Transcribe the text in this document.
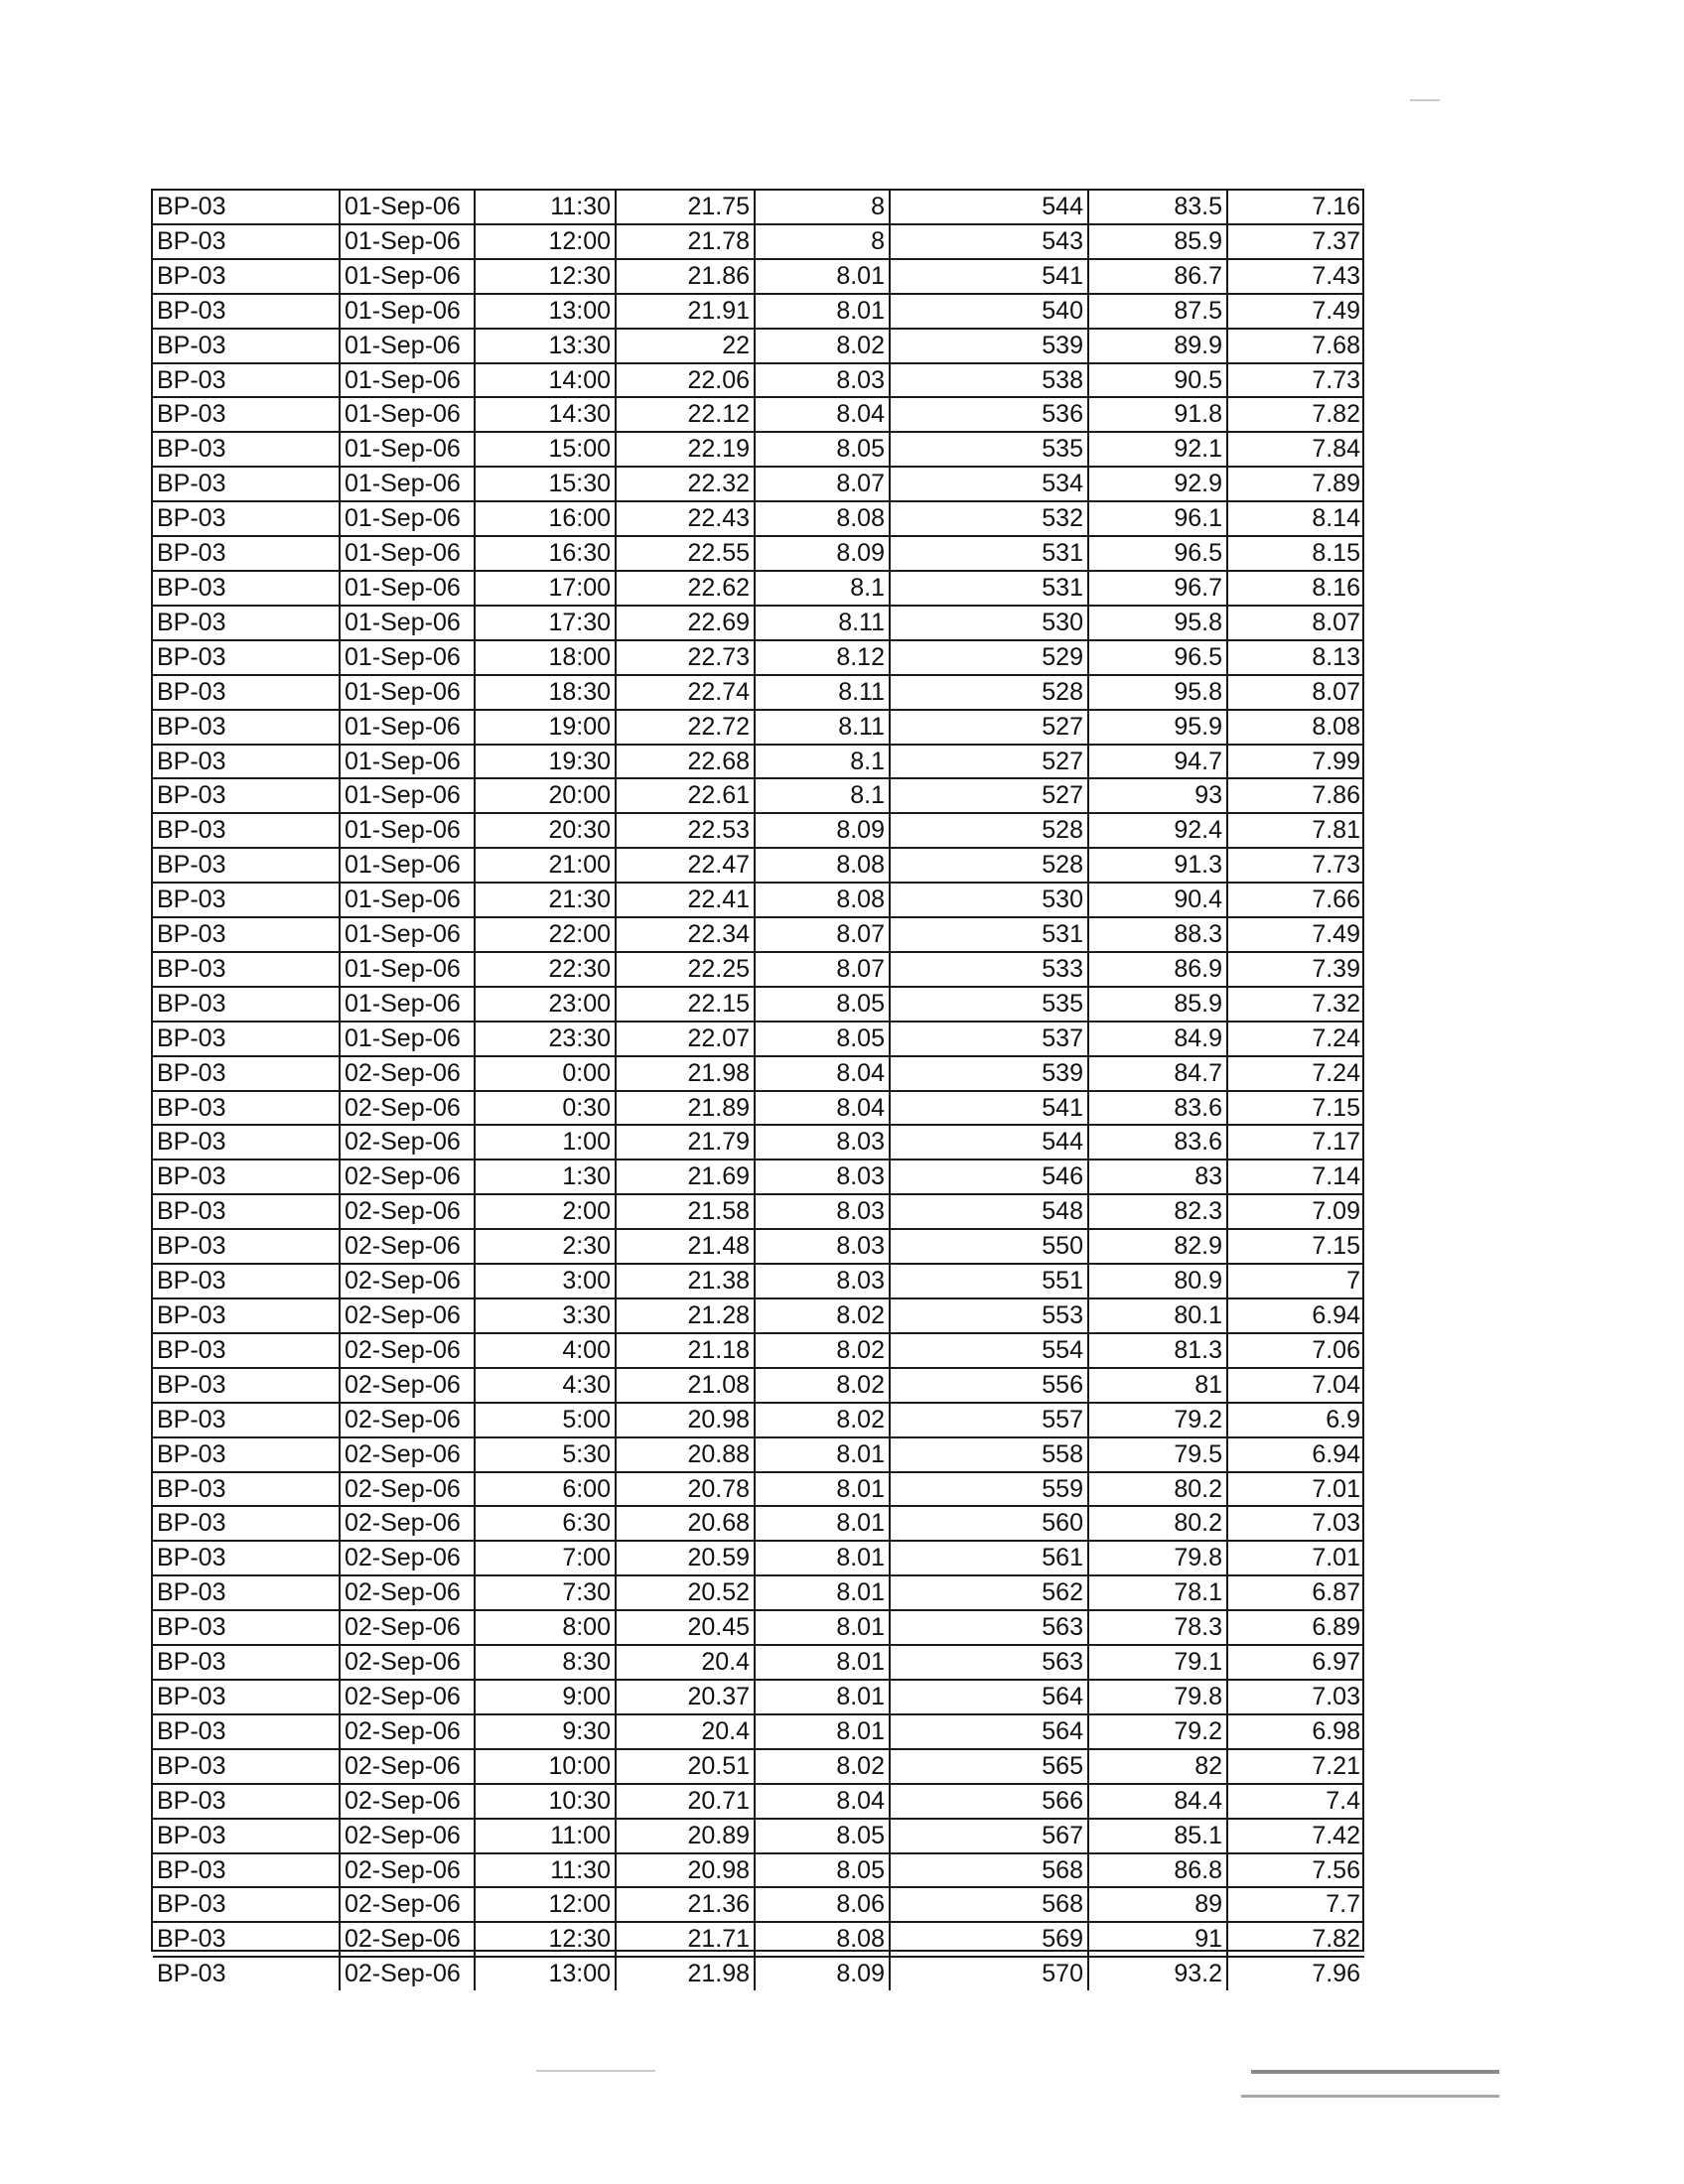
BP-03	01-Sep-06	11:30	21.75	8	544	83.5	7.16
BP-03	01-Sep-06	12:00	21.78	8	543	85.9	7.37
BP-03	01-Sep-06	12:30	21.86	8.01	541	86.7	7.43
BP-03	01-Sep-06	13:00	21.91	8.01	540	87.5	7.49
BP-03	01-Sep-06	13:30	22	8.02	539	89.9	7.68
BP-03	01-Sep-06	14:00	22.06	8.03	538	90.5	7.73
BP-03	01-Sep-06	14:30	22.12	8.04	536	91.8	7.82
BP-03	01-Sep-06	15:00	22.19	8.05	535	92.1	7.84
BP-03	01-Sep-06	15:30	22.32	8.07	534	92.9	7.89
BP-03	01-Sep-06	16:00	22.43	8.08	532	96.1	8.14
BP-03	01-Sep-06	16:30	22.55	8.09	531	96.5	8.15
BP-03	01-Sep-06	17:00	22.62	8.1	531	96.7	8.16
BP-03	01-Sep-06	17:30	22.69	8.11	530	95.8	8.07
BP-03	01-Sep-06	18:00	22.73	8.12	529	96.5	8.13
BP-03	01-Sep-06	18:30	22.74	8.11	528	95.8	8.07
BP-03	01-Sep-06	19:00	22.72	8.11	527	95.9	8.08
BP-03	01-Sep-06	19:30	22.68	8.1	527	94.7	7.99
BP-03	01-Sep-06	20:00	22.61	8.1	527	93	7.86
BP-03	01-Sep-06	20:30	22.53	8.09	528	92.4	7.81
BP-03	01-Sep-06	21:00	22.47	8.08	528	91.3	7.73
BP-03	01-Sep-06	21:30	22.41	8.08	530	90.4	7.66
BP-03	01-Sep-06	22:00	22.34	8.07	531	88.3	7.49
BP-03	01-Sep-06	22:30	22.25	8.07	533	86.9	7.39
BP-03	01-Sep-06	23:00	22.15	8.05	535	85.9	7.32
BP-03	01-Sep-06	23:30	22.07	8.05	537	84.9	7.24
BP-03	02-Sep-06	0:00	21.98	8.04	539	84.7	7.24
BP-03	02-Sep-06	0:30	21.89	8.04	541	83.6	7.15
BP-03	02-Sep-06	1:00	21.79	8.03	544	83.6	7.17
BP-03	02-Sep-06	1:30	21.69	8.03	546	83	7.14
BP-03	02-Sep-06	2:00	21.58	8.03	548	82.3	7.09
BP-03	02-Sep-06	2:30	21.48	8.03	550	82.9	7.15
BP-03	02-Sep-06	3:00	21.38	8.03	551	80.9	7
BP-03	02-Sep-06	3:30	21.28	8.02	553	80.1	6.94
BP-03	02-Sep-06	4:00	21.18	8.02	554	81.3	7.06
BP-03	02-Sep-06	4:30	21.08	8.02	556	81	7.04
BP-03	02-Sep-06	5:00	20.98	8.02	557	79.2	6.9
BP-03	02-Sep-06	5:30	20.88	8.01	558	79.5	6.94
BP-03	02-Sep-06	6:00	20.78	8.01	559	80.2	7.01
BP-03	02-Sep-06	6:30	20.68	8.01	560	80.2	7.03
BP-03	02-Sep-06	7:00	20.59	8.01	561	79.8	7.01
BP-03	02-Sep-06	7:30	20.52	8.01	562	78.1	6.87
BP-03	02-Sep-06	8:00	20.45	8.01	563	78.3	6.89
BP-03	02-Sep-06	8:30	20.4	8.01	563	79.1	6.97
BP-03	02-Sep-06	9:00	20.37	8.01	564	79.8	7.03
BP-03	02-Sep-06	9:30	20.4	8.01	564	79.2	6.98
BP-03	02-Sep-06	10:00	20.51	8.02	565	82	7.21
BP-03	02-Sep-06	10:30	20.71	8.04	566	84.4	7.4
BP-03	02-Sep-06	11:00	20.89	8.05	567	85.1	7.42
BP-03	02-Sep-06	11:30	20.98	8.05	568	86.8	7.56
BP-03	02-Sep-06	12:00	21.36	8.06	568	89	7.7
BP-03	02-Sep-06	12:30	21.71	8.08	569	91	7.82
BP-03	02-Sep-06	13:00	21.98	8.09	570	93.2	7.96
